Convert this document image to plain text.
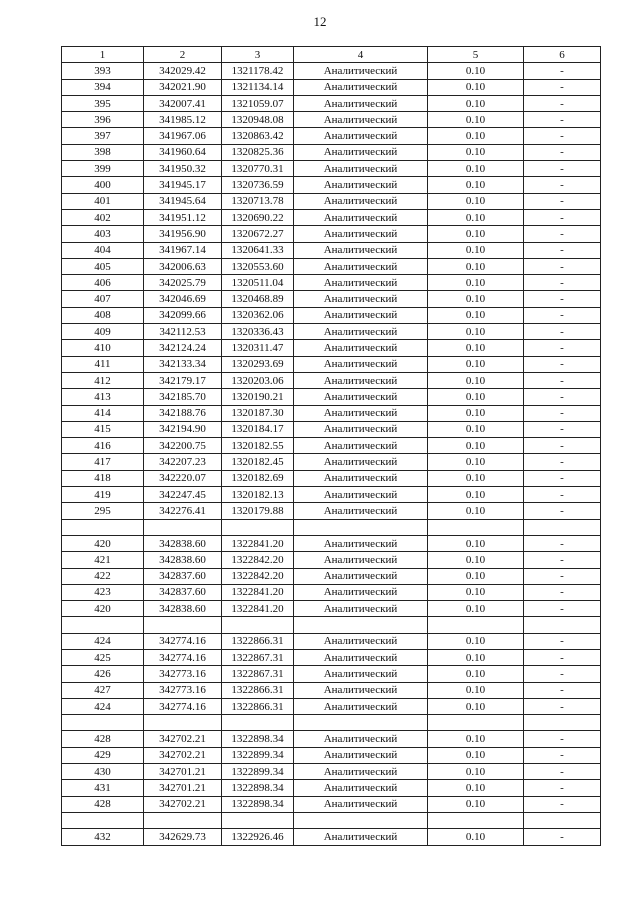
12
1	2	3	4	5	6
393	342029.42	1321178.42	Аналитический	0.10	-
394	342021.90	1321134.14	Аналитический	0.10	-
395	342007.41	1321059.07	Аналитический	0.10	-
396	341985.12	1320948.08	Аналитический	0.10	-
397	341967.06	1320863.42	Аналитический	0.10	-
398	341960.64	1320825.36	Аналитический	0.10	-
399	341950.32	1320770.31	Аналитический	0.10	-
400	341945.17	1320736.59	Аналитический	0.10	-
401	341945.64	1320713.78	Аналитический	0.10	-
402	341951.12	1320690.22	Аналитический	0.10	-
403	341956.90	1320672.27	Аналитический	0.10	-
404	341967.14	1320641.33	Аналитический	0.10	-
405	342006.63	1320553.60	Аналитический	0.10	-
406	342025.79	1320511.04	Аналитический	0.10	-
407	342046.69	1320468.89	Аналитический	0.10	-
408	342099.66	1320362.06	Аналитический	0.10	-
409	342112.53	1320336.43	Аналитический	0.10	-
410	342124.24	1320311.47	Аналитический	0.10	-
411	342133.34	1320293.69	Аналитический	0.10	-
412	342179.17	1320203.06	Аналитический	0.10	-
413	342185.70	1320190.21	Аналитический	0.10	-
414	342188.76	1320187.30	Аналитический	0.10	-
415	342194.90	1320184.17	Аналитический	0.10	-
416	342200.75	1320182.55	Аналитический	0.10	-
417	342207.23	1320182.45	Аналитический	0.10	-
418	342220.07	1320182.69	Аналитический	0.10	-
419	342247.45	1320182.13	Аналитический	0.10	-
295	342276.41	1320179.88	Аналитический	0.10	-

420	342838.60	1322841.20	Аналитический	0.10	-
421	342838.60	1322842.20	Аналитический	0.10	-
422	342837.60	1322842.20	Аналитический	0.10	-
423	342837.60	1322841.20	Аналитический	0.10	-
420	342838.60	1322841.20	Аналитический	0.10	-

424	342774.16	1322866.31	Аналитический	0.10	-
425	342774.16	1322867.31	Аналитический	0.10	-
426	342773.16	1322867.31	Аналитический	0.10	-
427	342773.16	1322866.31	Аналитический	0.10	-
424	342774.16	1322866.31	Аналитический	0.10	-

428	342702.21	1322898.34	Аналитический	0.10	-
429	342702.21	1322899.34	Аналитический	0.10	-
430	342701.21	1322899.34	Аналитический	0.10	-
431	342701.21	1322898.34	Аналитический	0.10	-
428	342702.21	1322898.34	Аналитический	0.10	-

432	342629.73	1322926.46	Аналитический	0.10	-
